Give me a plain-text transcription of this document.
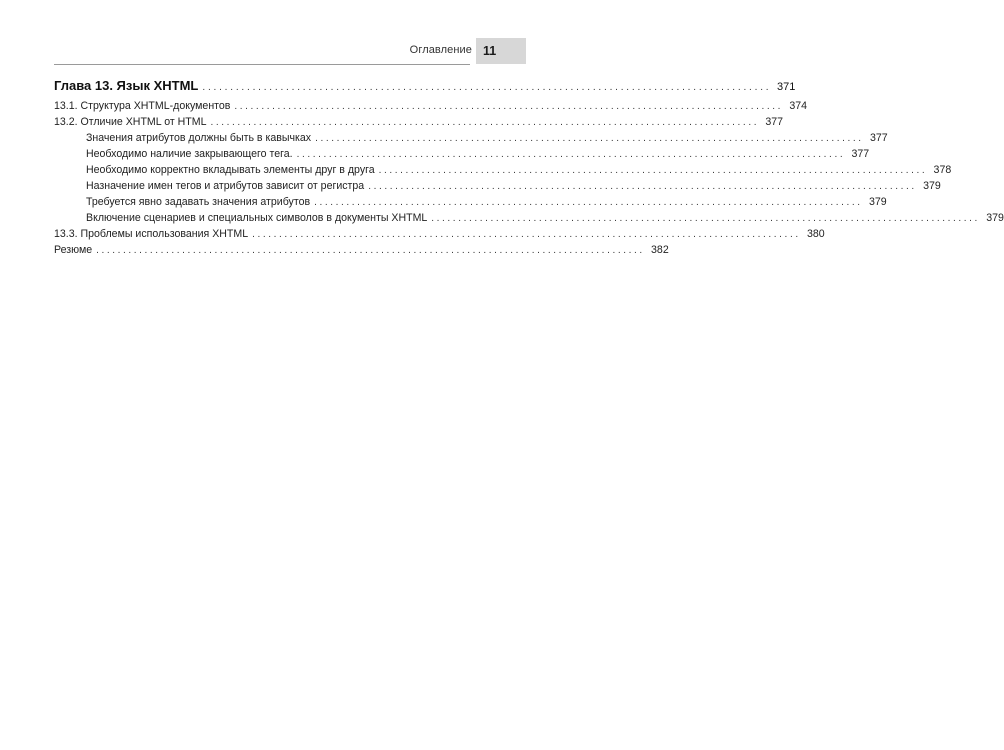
Оглавление 11
Глава 13. Язык XHTML ...................................................................................................... 371
13.1. Структура XHTML-документов ...................................................................................................... 374
13.2. Отличие XHTML от HTML ...................................................................................................... 377
Значения атрибутов должны быть в кавычках ...................................................................................................... 377
Необходимо наличие закрывающего тега. ...................................................................................................... 377
Необходимо корректно вкладывать элементы друг в друга ...................................................................................................... 378
Назначение имен тегов и атрибутов зависит от регистра ...................................................................................................... 379
Требуется явно задавать значения атрибутов ...................................................................................................... 379
Включение сценариев и специальных символов в документы XHTML ...................................................................................................... 379
13.3. Проблемы использования XHTML ...................................................................................................... 380
Резюме ...................................................................................................... 382
